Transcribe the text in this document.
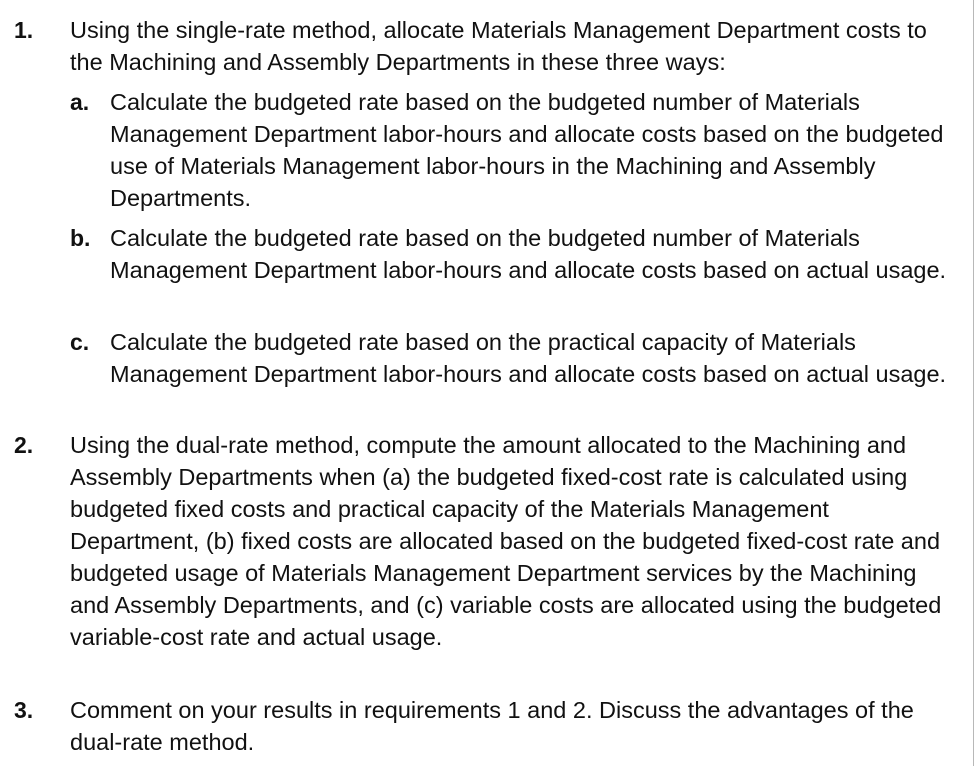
1. Using the single-rate method, allocate Materials Management Department costs to the Machining and Assembly Departments in these three ways:
a. Calculate the budgeted rate based on the budgeted number of Materials Management Department labor-hours and allocate costs based on the budgeted use of Materials Management labor-hours in the Machining and Assembly Departments.
b. Calculate the budgeted rate based on the budgeted number of Materials Management Department labor-hours and allocate costs based on actual usage.
c. Calculate the budgeted rate based on the practical capacity of Materials Management Department labor-hours and allocate costs based on actual usage.
2. Using the dual-rate method, compute the amount allocated to the Machining and Assembly Departments when (a) the budgeted fixed-cost rate is calculated using budgeted fixed costs and practical capacity of the Materials Management Department, (b) fixed costs are allocated based on the budgeted fixed-cost rate and budgeted usage of Materials Management Department services by the Machining and Assembly Departments, and (c) variable costs are allocated using the budgeted variable-cost rate and actual usage.
3. Comment on your results in requirements 1 and 2. Discuss the advantages of the dual-rate method.
